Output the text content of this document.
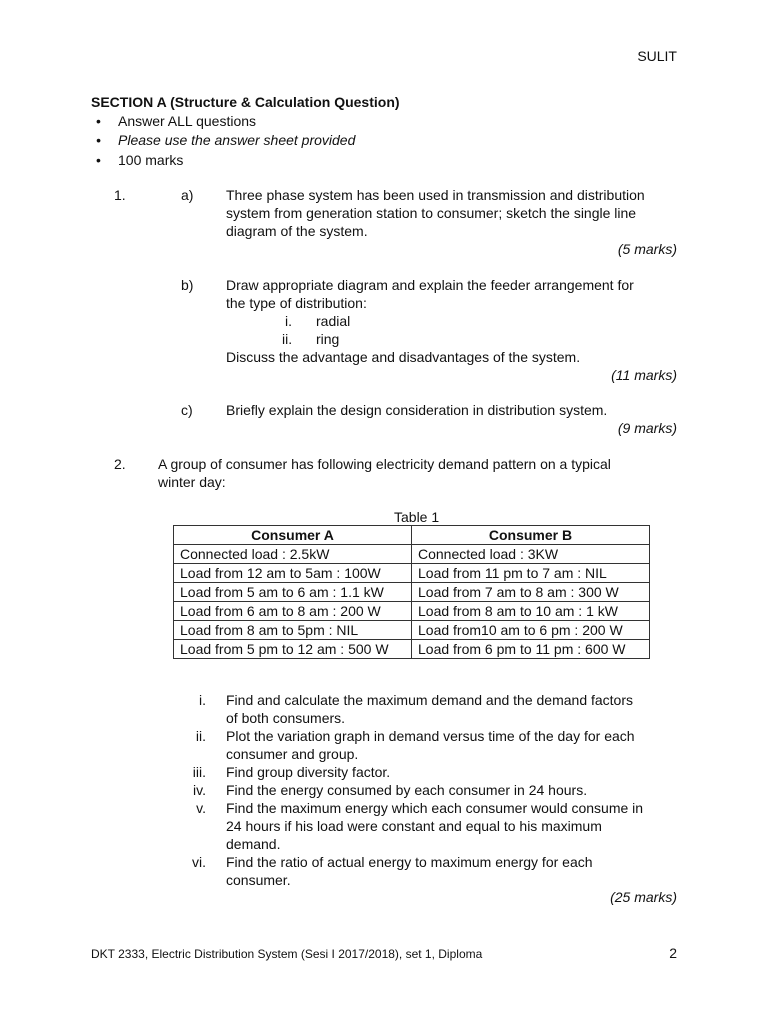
SULIT
SECTION A (Structure & Calculation Question)
• Answer ALL questions
• Please use the answer sheet provided
• 100 marks
1.	a) Three phase system has been used in transmission and distribution
system from generation station to consumer; sketch the single line
diagram of the system.
(5 marks)
b) Draw appropriate diagram and explain the feeder arrangement for
the type of distribution:
i. radial
ii. ring
Discuss the advantage and disadvantages of the system.
(11 marks)
c) Briefly explain the design consideration in distribution system.
(9 marks)
2. A group of consumer has following electricity demand pattern on a typical
winter day:
Table 1
Consumer A	Consumer B
Connected load : 2.5kW	Connected load : 3KW
Load from 12 am to 5am : 100W	Load from 11 pm to 7 am : NIL
Load from 5 am to 6 am : 1.1 kW	Load from 7 am to 8 am : 300 W
Load from 6 am to 8 am : 200 W	Load from 8 am to 10 am : 1 kW
Load from 8 am to 5pm : NIL	Load from10 am to 6 pm : 200 W
Load from 5 pm to 12 am : 500 W	Load from 6 pm to 11 pm : 600 W
i. Find and calculate the maximum demand and the demand factors
of both consumers.
ii. Plot the variation graph in demand versus time of the day for each
consumer and group.
iii. Find group diversity factor.
iv. Find the energy consumed by each consumer in 24 hours.
v. Find the maximum energy which each consumer would consume in
24 hours if his load were constant and equal to his maximum
demand.
vi. Find the ratio of actual energy to maximum energy for each
consumer.
(25 marks)
DKT 2333, Electric Distribution System (Sesi I 2017/2018), set 1, Diploma	2
